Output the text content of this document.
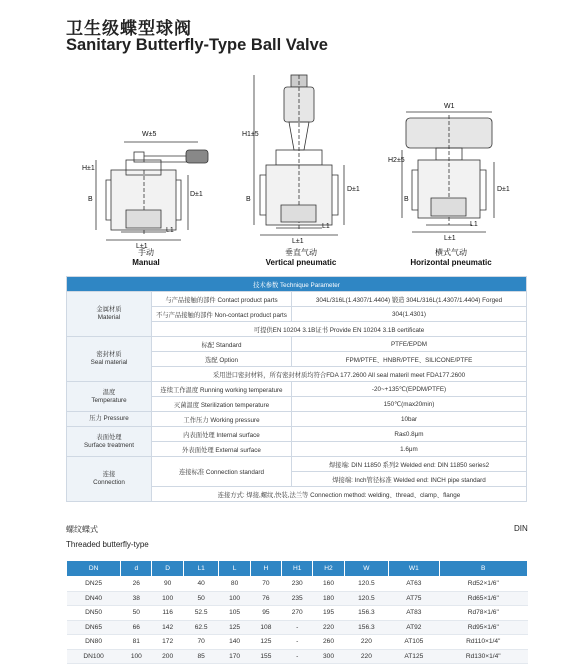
卫生级蝶型球阀
Sanitary Butterfly-Type Ball Valve
W±5
H±1
B
D±1
L1
L±1
H1±5
B
D±1
L1
L±1
W1
H2±5
B
D±1
L1
L±1
手动
Manual
垂直气动
Vertical pneumatic
横式气动
Horizontal pneumatic
技术参数 Technique Parameter		
金属材质
Material	与产品接触的部件 Contact product parts	304L/316L(1.4307/1.4404) 锻造 304L/316L(1.4307/1.4404) Forged
	不与产品接触的部件 Non-contact product parts	304(1.4301)
	可提供EN 10204 3.1B证书 Provide EN 10204 3.1B certificate	
密封材质
Seal material	标配 Standard	PTFE/EPDM
	选配 Option	FPM/PTFE、HNBR/PTFE、SILICONE/PTFE
	采用进口密封材料，所有密封材质均符合FDA 177.2600 All seal materil meet FDA177.2600	
温度
Temperature	连续工作温度 Running working temperature	-20~+135℃(EPDM/PTFE)
	灭菌温度 Sterilization temperature	150℃(max20min)
压力 Pressure	工作压力 Working pressure	10bar
表面处理
Surface treatment	内表面处理 Internal surface	Ra≤0.8μm
	外表面处理 External surface	1.6μm
连接
Connection	连接标准 Connection standard	焊接端: DIN 11850 系列2 Welded end: DIN 11850 series2
		焊接端: Inch管径标准 Welded end: INCH pipe standard
	连接方式: 焊接,螺纹,快装,法兰等 Connection method: welding、thread、clamp、flange	
螺纹蝶式	DIN
Threaded butterfly-type
DN	d	D	L1	L	H	H1	H2	W	W1	B
DN25	26	90	40	80	70	230	160	120.5	AT63	Rd52×1/6"
DN40	38	100	50	100	76	235	180	120.5	AT75	Rd65×1/6"
DN50	50	116	52.5	105	95	270	195	156.3	AT83	Rd78×1/6"
DN65	66	142	62.5	125	108	-	220	156.3	AT92	Rd95×1/6"
DN80	81	172	70	140	125	-	260	220	AT105	Rd110×1/4"
DN100	100	200	85	170	155	-	300	220	AT125	Rd130×1/4"
